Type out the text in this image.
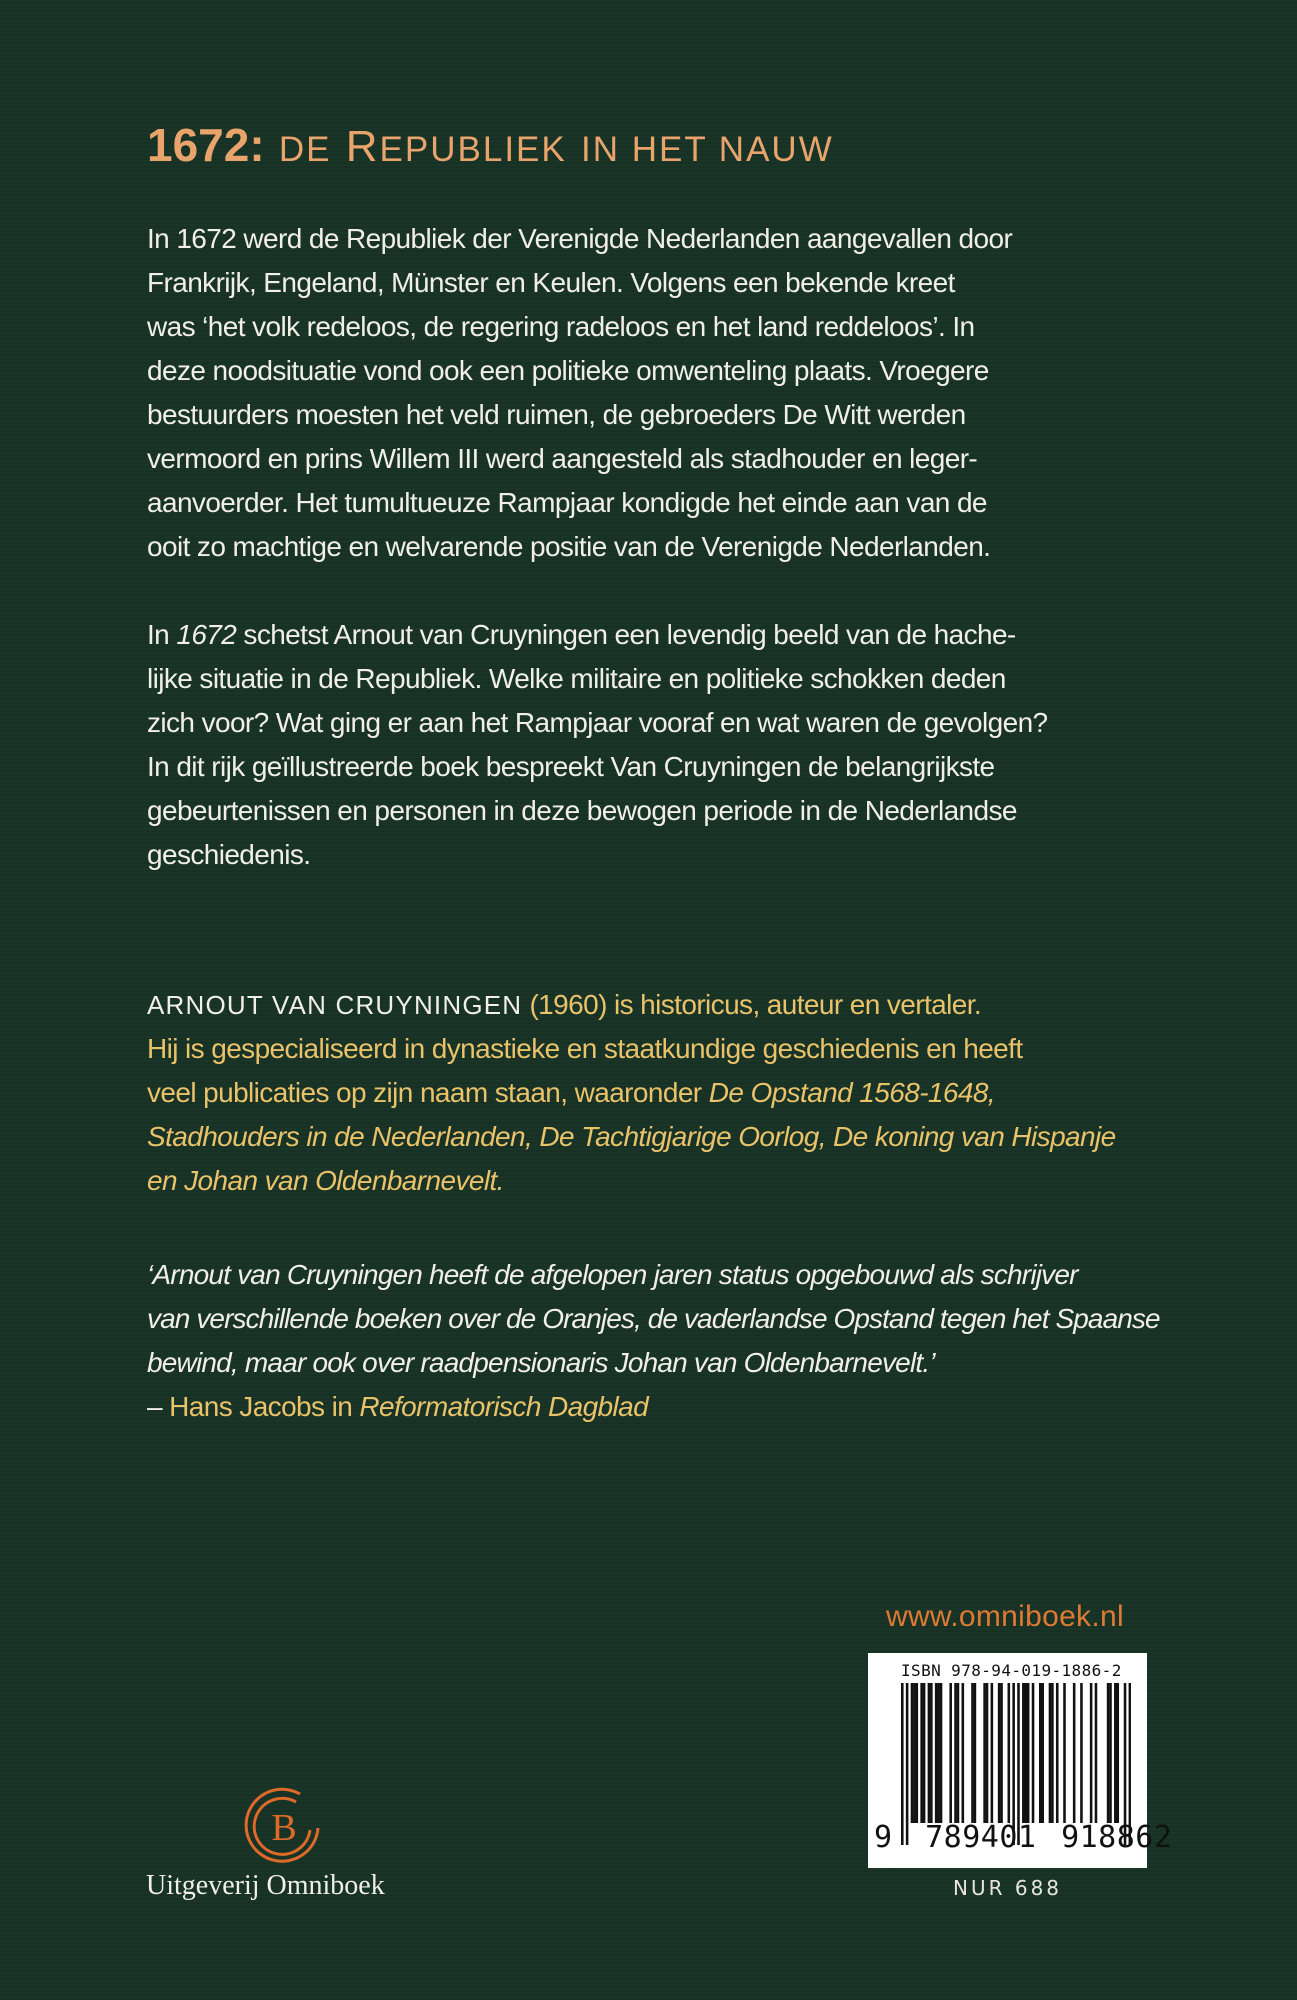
1672: DE REPUBLIEK IN HET NAUW
In 1672 werd de Republiek der Verenigde Nederlanden aangevallen door
Frankrijk, Engeland, Münster en Keulen. Volgens een bekende kreet
was ‘het volk redeloos, de regering radeloos en het land reddeloos’. In
deze noodsituatie vond ook een politieke omwenteling plaats. Vroegere
bestuurders moesten het veld ruimen, de gebroeders De Witt werden
vermoord en prins Willem III werd aangesteld als stadhouder en leger-
aanvoerder. Het tumultueuze Rampjaar kondigde het einde aan van de
ooit zo machtige en welvarende positie van de Verenigde Nederlanden.
In 1672 schetst Arnout van Cruyningen een levendig beeld van de hache-
lijke situatie in de Republiek. Welke militaire en politieke schokken deden
zich voor? Wat ging er aan het Rampjaar vooraf en wat waren de gevolgen?
In dit rijk geïllustreerde boek bespreekt Van Cruyningen de belangrijkste
gebeurtenissen en personen in deze bewogen periode in de Nederlandse
geschiedenis.
ARNOUT VAN CRUYNINGEN (1960) is historicus, auteur en vertaler.
Hij is gespecialiseerd in dynastieke en staatkundige geschiedenis en heeft
veel publicaties op zijn naam staan, waaronder De Opstand 1568-1648,
Stadhouders in de Nederlanden, De Tachtigjarige Oorlog, De koning van Hispanje
en Johan van Oldenbarnevelt.
‘Arnout van Cruyningen heeft de afgelopen jaren status opgebouwd als schrijver
van verschillende boeken over de Oranjes, de vaderlandse Opstand tegen het Spaanse
bewind, maar ook over raadpensionaris Johan van Oldenbarnevelt.’
– Hans Jacobs in Reformatorisch Dagblad
www.omniboek.nl
ISBN 978-94-019-1886-2
9 789401 918862
NUR 688
B
Uitgeverij Omniboek
